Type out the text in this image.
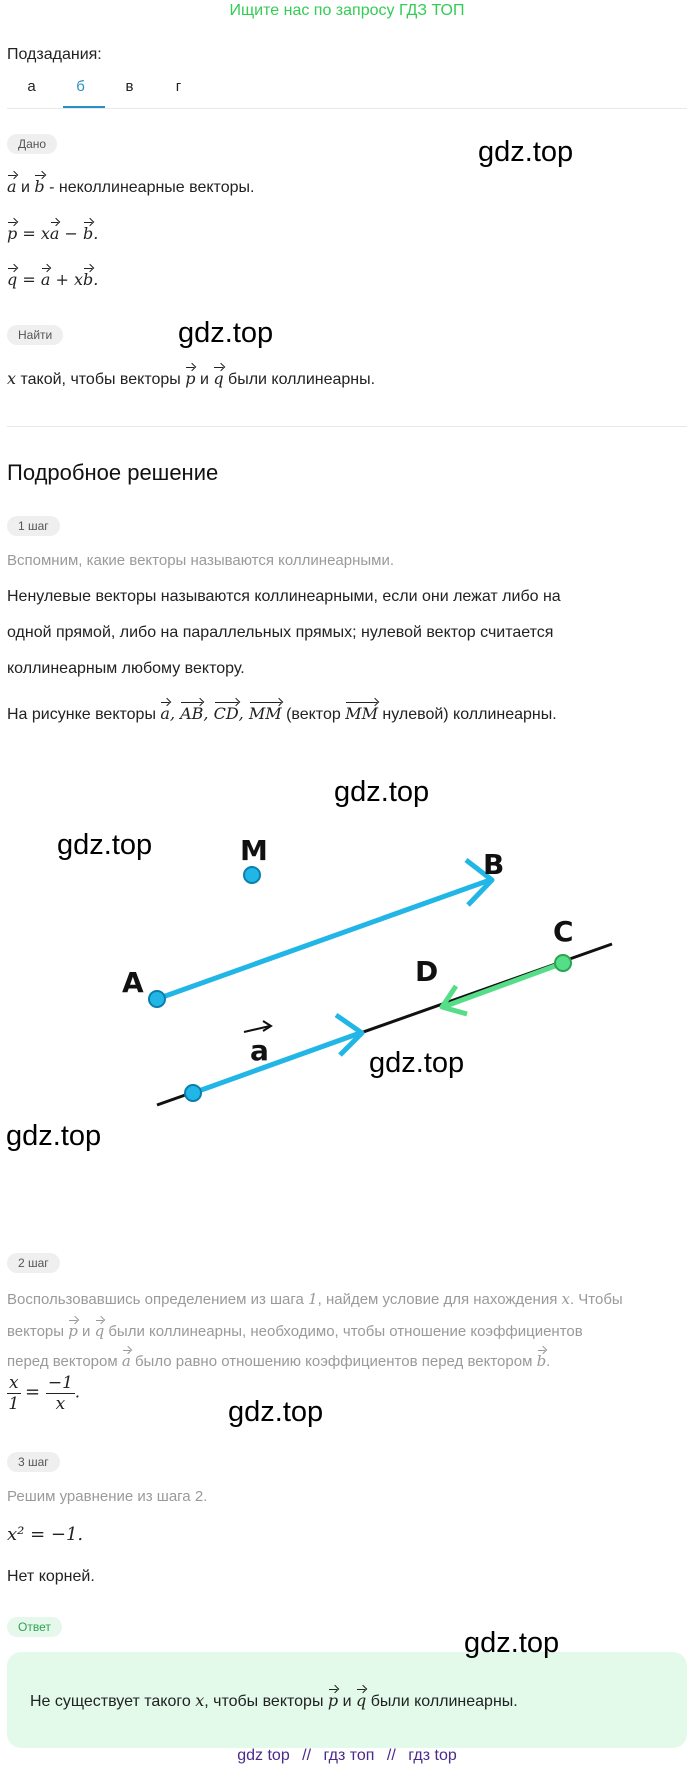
Ищите нас по запросу ГДЗ ТОП
Подзадания:
а	б	в	г
Дано
a и b - неколлинеарные векторы.
p = xa − b.
q = a + xb.
gdz.top
Найти	gdz.top
x такой, чтобы векторы p и q были коллинеарны.
Подробное решение
1 шаг
Вспомним, какие векторы называются коллинеарными.
Ненулевые векторы называются коллинеарными, если они лежат либо на
одной прямой, либо на параллельных прямых; нулевой вектор считается
коллинеарным любому вектору.
На рисунке векторы a, AB, CD, MM (вектор MM нулевой) коллинеарны.
M	B
A
C
D
a
gdz.top
gdz.top
gdz.top
gdz.top
2 шаг
Воспользовавшись определением из шага 1, найдем условие для нахождения x. Чтобы
векторы p и q были коллинеарны, необходимо, чтобы отношение коэффициентов
перед вектором a было равно отношению коэффициентов перед вектором b.
$\frac{x}{1} = \frac{-1}{x}$ .
gdz.top
3 шаг
Решим уравнение из шага 2.
x² = −1.
Нет корней.
Ответ	gdz.top
Не существует такого x, чтобы векторы p и q были коллинеарны.
gdz top // гдз топ // гдз top
